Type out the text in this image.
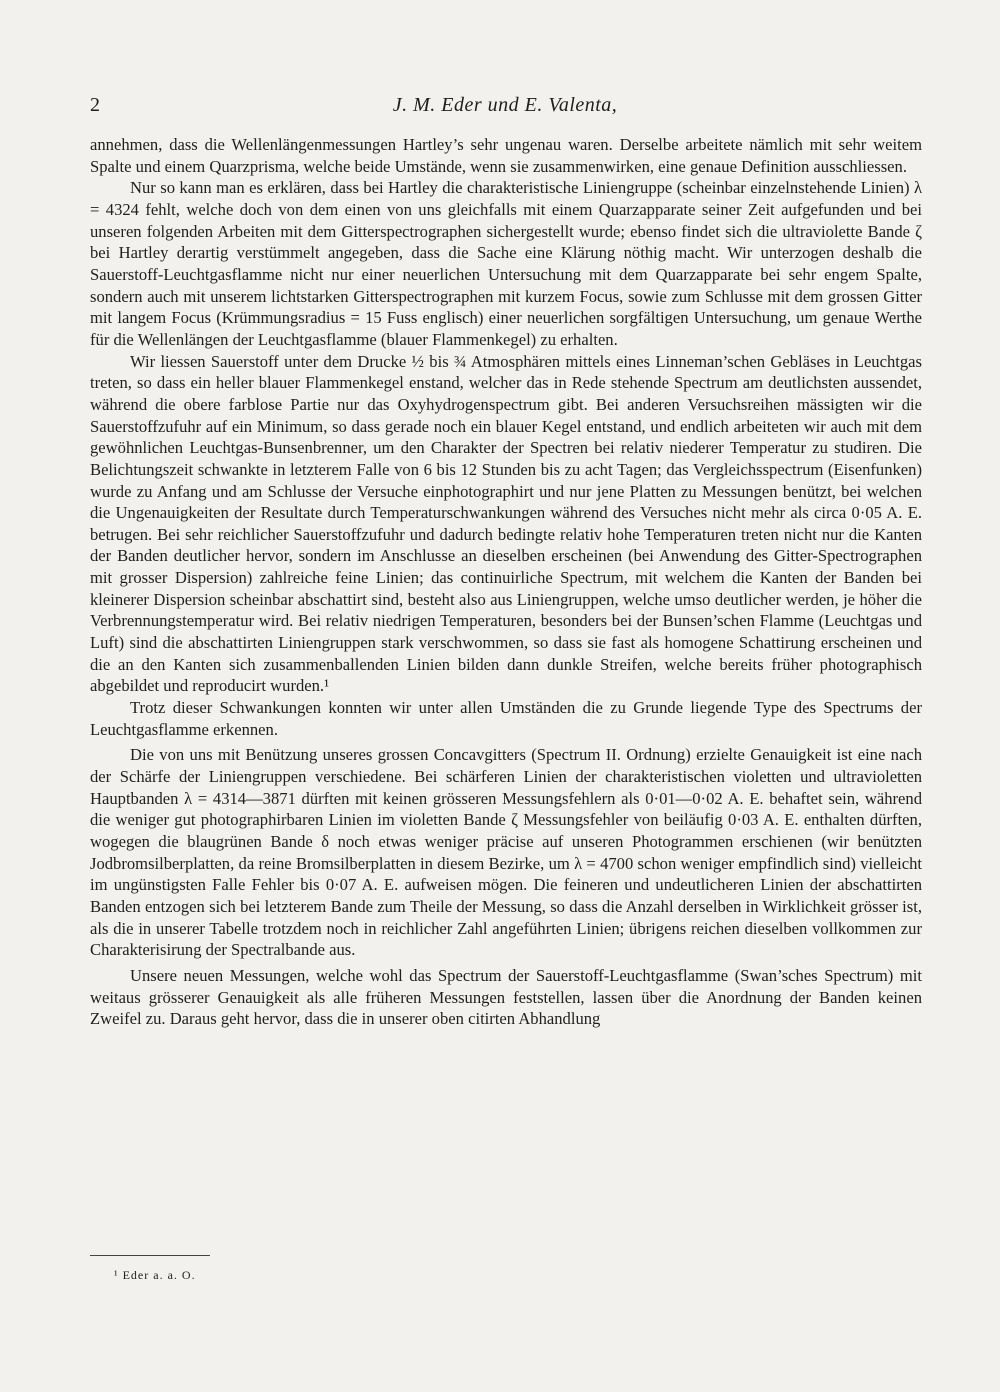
2	J. M. Eder und E. Valenta,

annehmen, dass die Wellenlängenmessungen Hartley’s sehr ungenau waren. Derselbe arbeitete nämlich mit sehr weitem Spalte und einem Quarzprisma, welche beide Umstände, wenn sie zusammenwirken, eine genaue Definition ausschliessen.

Nur so kann man es erklären, dass bei Hartley die charakteristische Liniengruppe (scheinbar einzelnstehende Linien) λ = 4324 fehlt, welche doch von dem einen von uns gleichfalls mit einem Quarzapparate seiner Zeit aufgefunden und bei unseren folgenden Arbeiten mit dem Gitterspectrographen sichergestellt wurde; ebenso findet sich die ultraviolette Bande ζ bei Hartley derartig verstümmelt angegeben, dass die Sache eine Klärung nöthig macht. Wir unterzogen deshalb die Sauerstoff-Leuchtgasflamme nicht nur einer neuerlichen Untersuchung mit dem Quarzapparate bei sehr engem Spalte, sondern auch mit unserem lichtstarken Gitterspectrographen mit kurzem Focus, sowie zum Schlusse mit dem grossen Gitter mit langem Focus (Krümmungsradius = 15 Fuss englisch) einer neuerlichen sorgfältigen Untersuchung, um genaue Werthe für die Wellenlängen der Leuchtgasflamme (blauer Flammenkegel) zu erhalten.

Wir liessen Sauerstoff unter dem Drucke ½ bis ¾ Atmosphären mittels eines Linneman’schen Gebläses in Leuchtgas treten, so dass ein heller blauer Flammenkegel enstand, welcher das in Rede stehende Spectrum am deutlichsten aussendet, während die obere farblose Partie nur das Oxyhydrogenspectrum gibt. Bei anderen Versuchsreihen mässigten wir die Sauerstoffzufuhr auf ein Minimum, so dass gerade noch ein blauer Kegel entstand, und endlich arbeiteten wir auch mit dem gewöhnlichen Leuchtgas-Bunsenbrenner, um den Charakter der Spectren bei relativ niederer Temperatur zu studiren. Die Belichtungszeit schwankte in letzterem Falle von 6 bis 12 Stunden bis zu acht Tagen; das Vergleichsspectrum (Eisenfunken) wurde zu Anfang und am Schlusse der Versuche einphotographirt und nur jene Platten zu Messungen benützt, bei welchen die Ungenauigkeiten der Resultate durch Temperaturschwankungen während des Versuches nicht mehr als circa 0·05 A. E. betrugen. Bei sehr reichlicher Sauerstoffzufuhr und dadurch bedingte relativ hohe Temperaturen treten nicht nur die Kanten der Banden deutlicher hervor, sondern im Anschlusse an dieselben erscheinen (bei Anwendung des Gitter-Spectrographen mit grosser Dispersion) zahlreiche feine Linien; das continuirliche Spectrum, mit welchem die Kanten der Banden bei kleinerer Dispersion scheinbar abschattirt sind, besteht also aus Liniengruppen, welche umso deutlicher werden, je höher die Verbrennungstemperatur wird. Bei relativ niedrigen Temperaturen, besonders bei der Bunsen’schen Flamme (Leuchtgas und Luft) sind die abschattirten Liniengruppen stark verschwommen, so dass sie fast als homogene Schattirung erscheinen und die an den Kanten sich zusammenballenden Linien bilden dann dunkle Streifen, welche bereits früher photographisch abgebildet und reproducirt wurden.¹

Trotz dieser Schwankungen konnten wir unter allen Umständen die zu Grunde liegende Type des Spectrums der Leuchtgasflamme erkennen.

Die von uns mit Benützung unseres grossen Concavgitters (Spectrum II. Ordnung) erzielte Genauigkeit ist eine nach der Schärfe der Liniengruppen verschiedene. Bei schärferen Linien der charakteristischen violetten und ultravioletten Hauptbanden λ = 4314—3871 dürften mit keinen grösseren Messungsfehlern als 0·01—0·02 A. E. behaftet sein, während die weniger gut photographirbaren Linien im violetten Bande ζ Messungsfehler von beiläufig 0·03 A. E. enthalten dürften, wogegen die blaugrünen Bande δ noch etwas weniger präcise auf unseren Photogrammen erschienen (wir benützten Jodbromsilberplatten, da reine Bromsilberplatten in diesem Bezirke, um λ = 4700 schon weniger empfindlich sind) vielleicht im ungünstigsten Falle Fehler bis 0·07 A. E. aufweisen mögen. Die feineren und undeutlicheren Linien der abschattirten Banden entzogen sich bei letzterem Bande zum Theile der Messung, so dass die Anzahl derselben in Wirklichkeit grösser ist, als die in unserer Tabelle trotzdem noch in reichlicher Zahl angeführten Linien; übrigens reichen dieselben vollkommen zur Charakterisirung der Spectralbande aus.

Unsere neuen Messungen, welche wohl das Spectrum der Sauerstoff-Leuchtgasflamme (Swan’sches Spectrum) mit weitaus grösserer Genauigkeit als alle früheren Messungen feststellen, lassen über die Anordnung der Banden keinen Zweifel zu. Daraus geht hervor, dass die in unserer oben citirten Abhandlung

¹ Eder a. a. O.
